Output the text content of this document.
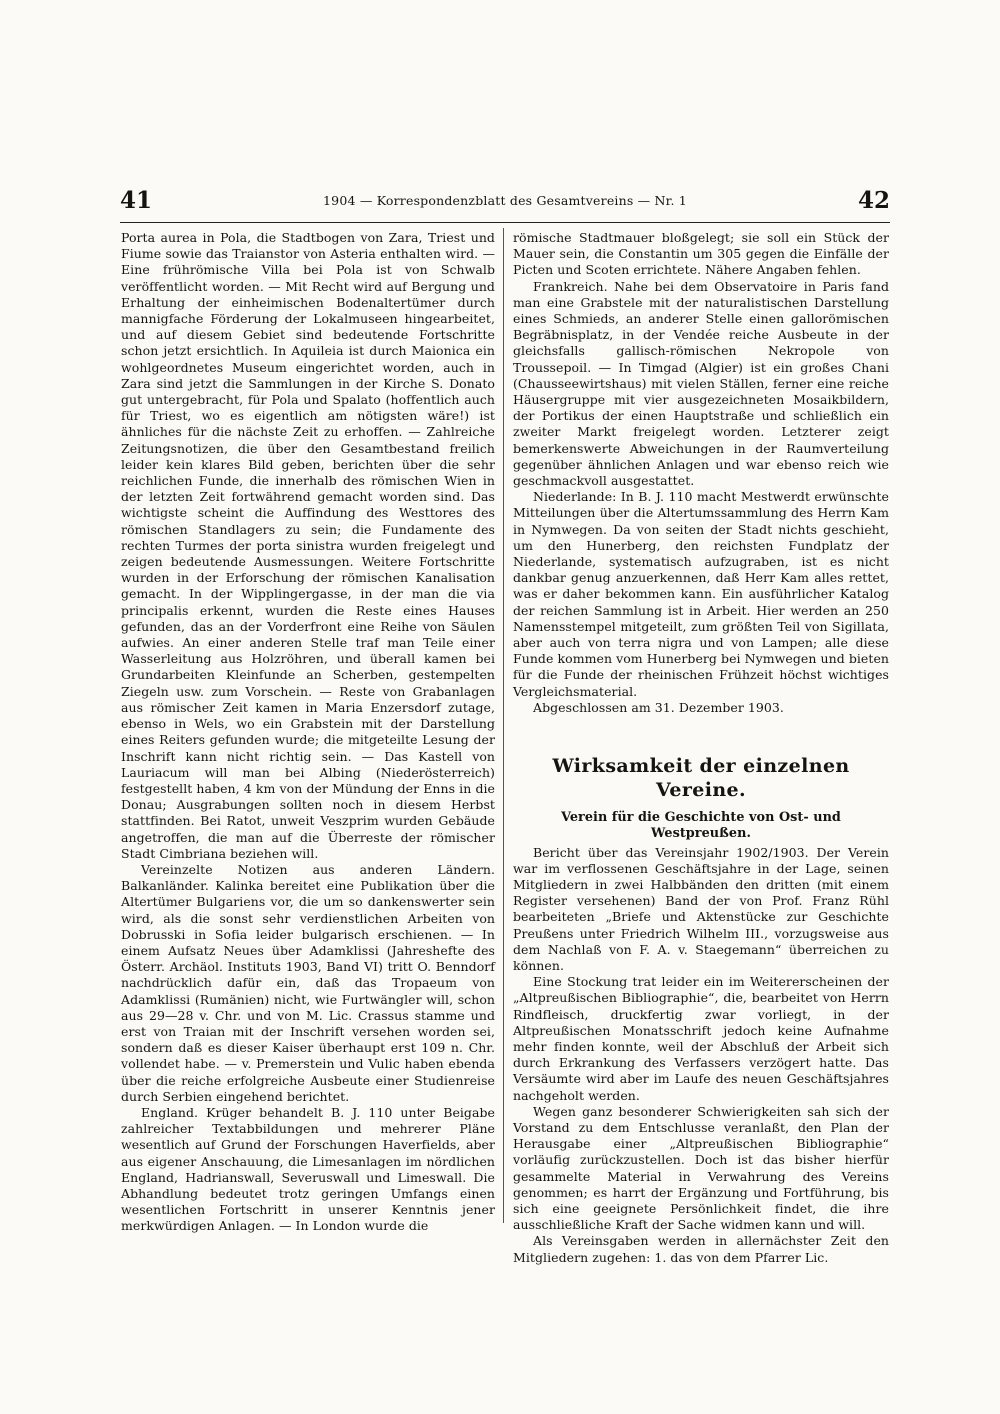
41	1904 — Korrespondenzblatt des Gesamtvereins — Nr. 1	42

Porta aurea in Pola, die Stadtbogen von Zara, Triest und Fiume sowie das Traianstor von Asteria enthalten wird. — Eine frührömische Villa bei Pola ist von Schwalb veröffentlicht worden. — Mit Recht wird auf Bergung und Erhaltung der einheimischen Bodenaltertümer durch mannigfache Förderung der Lokalmuseen hingearbeitet, und auf diesem Gebiet sind bedeutende Fortschritte schon jetzt ersichtlich. In Aquileia ist durch Maionica ein wohlgeordnetes Museum eingerichtet worden, auch in Zara sind jetzt die Sammlungen in der Kirche S. Donato gut untergebracht, für Pola und Spalato (hoffentlich auch für Triest, wo es eigentlich am nötigsten wäre!) ist ähnliches für die nächste Zeit zu erhoffen. — Zahlreiche Zeitungsnotizen, die über den Gesamtbestand freilich leider kein klares Bild geben, berichten über die sehr reichlichen Funde, die innerhalb des römischen Wien in der letzten Zeit fortwährend gemacht worden sind. Das wichtigste scheint die Auffindung des Westtores des römischen Standlagers zu sein; die Fundamente des rechten Turmes der porta sinistra wurden freigelegt und zeigen bedeutende Ausmessungen. Weitere Fortschritte wurden in der Erforschung der römischen Kanalisation gemacht. In der Wipplingergasse, in der man die via principalis erkennt, wurden die Reste eines Hauses gefunden, das an der Vorderfront eine Reihe von Säulen aufwies. An einer anderen Stelle traf man Teile einer Wasserleitung aus Holzröhren, und überall kamen bei Grundarbeiten Kleinfunde an Scherben, gestempelten Ziegeln usw. zum Vorschein. — Reste von Grabanlagen aus römischer Zeit kamen in Maria Enzersdorf zutage, ebenso in Wels, wo ein Grabstein mit der Darstellung eines Reiters gefunden wurde; die mitgeteilte Lesung der Inschrift kann nicht richtig sein. — Das Kastell von Lauriacum will man bei Albing (Niederösterreich) festgestellt haben, 4 km von der Mündung der Enns in die Donau; Ausgrabungen sollten noch in diesem Herbst stattfinden. Bei Ratot, unweit Veszprim wurden Gebäude angetroffen, die man auf die Überreste der römischer Stadt Cimbriana beziehen will.

Vereinzelte Notizen aus anderen Ländern. Balkanländer. Kalinka bereitet eine Publikation über die Altertümer Bulgariens vor, die um so dankenswerter sein wird, als die sonst sehr verdienstlichen Arbeiten von Dobrusski in Sofia leider bulgarisch erschienen. — In einem Aufsatz Neues über Adamklissi (Jahreshefte des Österr. Archäol. Instituts 1903, Band VI) tritt O. Benndorf nachdrücklich dafür ein, daß das Tropaeum von Adamklissi (Rumänien) nicht, wie Furtwängler will, schon aus 29—28 v. Chr. und von M. Lic. Crassus stamme und erst von Traian mit der Inschrift versehen worden sei, sondern daß es dieser Kaiser überhaupt erst 109 n. Chr. vollendet habe. — v. Premerstein und Vulic haben ebenda über die reiche erfolgreiche Ausbeute einer Studienreise durch Serbien eingehend berichtet.

England. Krüger behandelt B. J. 110 unter Beigabe zahlreicher Textabbildungen und mehrerer Pläne wesentlich auf Grund der Forschungen Haverfields, aber aus eigener Anschauung, die Limesanlagen im nördlichen England, Hadrianswall, Severuswall und Limeswall. Die Abhandlung bedeutet trotz geringen Umfangs einen wesentlichen Fortschritt in unserer Kenntnis jener merkwürdigen Anlagen. — In London wurde die

römische Stadtmauer bloßgelegt; sie soll ein Stück der Mauer sein, die Constantin um 305 gegen die Einfälle der Picten und Scoten errichtete. Nähere Angaben fehlen.

Frankreich. Nahe bei dem Observatoire in Paris fand man eine Grabstele mit der naturalistischen Darstellung eines Schmieds, an anderer Stelle einen gallorömischen Begräbnisplatz, in der Vendée reiche Ausbeute in der gleichsfalls gallisch-römischen Nekropole von Troussepoil. — In Timgad (Algier) ist ein großes Chani (Chausseewirtshaus) mit vielen Ställen, ferner eine reiche Häusergruppe mit vier ausgezeichneten Mosaikbildern, der Portikus der einen Hauptstraße und schließlich ein zweiter Markt freigelegt worden. Letzterer zeigt bemerkenswerte Abweichungen in der Raumverteilung gegenüber ähnlichen Anlagen und war ebenso reich wie geschmackvoll ausgestattet.

Niederlande: In B. J. 110 macht Mestwerdt erwünschte Mitteilungen über die Altertumssammlung des Herrn Kam in Nymwegen. Da von seiten der Stadt nichts geschieht, um den Hunerberg, den reichsten Fundplatz der Niederlande, systematisch aufzugraben, ist es nicht dankbar genug anzuerkennen, daß Herr Kam alles rettet, was er daher bekommen kann. Ein ausführlicher Katalog der reichen Sammlung ist in Arbeit. Hier werden an 250 Namensstempel mitgeteilt, zum größten Teil von Sigillata, aber auch von terra nigra und von Lampen; alle diese Funde kommen vom Hunerberg bei Nymwegen und bieten für die Funde der rheinischen Frühzeit höchst wichtiges Vergleichsmaterial.

Abgeschlossen am 31. Dezember 1903.

Wirksamkeit der einzelnen Vereine.

Verein für die Geschichte von Ost- und Westpreußen.

Bericht über das Vereinsjahr 1902/1903. Der Verein war im verflossenen Geschäftsjahre in der Lage, seinen Mitgliedern in zwei Halbbänden den dritten (mit einem Register versehenen) Band der von Prof. Franz Rühl bearbeiteten „Briefe und Aktenstücke zur Geschichte Preußens unter Friedrich Wilhelm III., vorzugsweise aus dem Nachlaß von F. A. v. Staegemann“ überreichen zu können.

Eine Stockung trat leider ein im Weitererscheinen der „Altpreußischen Bibliographie“, die, bearbeitet von Herrn Rindfleisch, druckfertig zwar vorliegt, in der Altpreußischen Monatsschrift jedoch keine Aufnahme mehr finden konnte, weil der Abschluß der Arbeit sich durch Erkrankung des Verfassers verzögert hatte. Das Versäumte wird aber im Laufe des neuen Geschäftsjahres nachgeholt werden.

Wegen ganz besonderer Schwierigkeiten sah sich der Vorstand zu dem Entschlusse veranlaßt, den Plan der Herausgabe einer „Altpreußischen Bibliographie“ vorläufig zurückzustellen. Doch ist das bisher hierfür gesammelte Material in Verwahrung des Vereins genommen; es harrt der Ergänzung und Fortführung, bis sich eine geeignete Persönlichkeit findet, die ihre ausschließliche Kraft der Sache widmen kann und will.

Als Vereinsgaben werden in allernächster Zeit den Mitgliedern zugehen: 1. das von dem Pfarrer Lic.
